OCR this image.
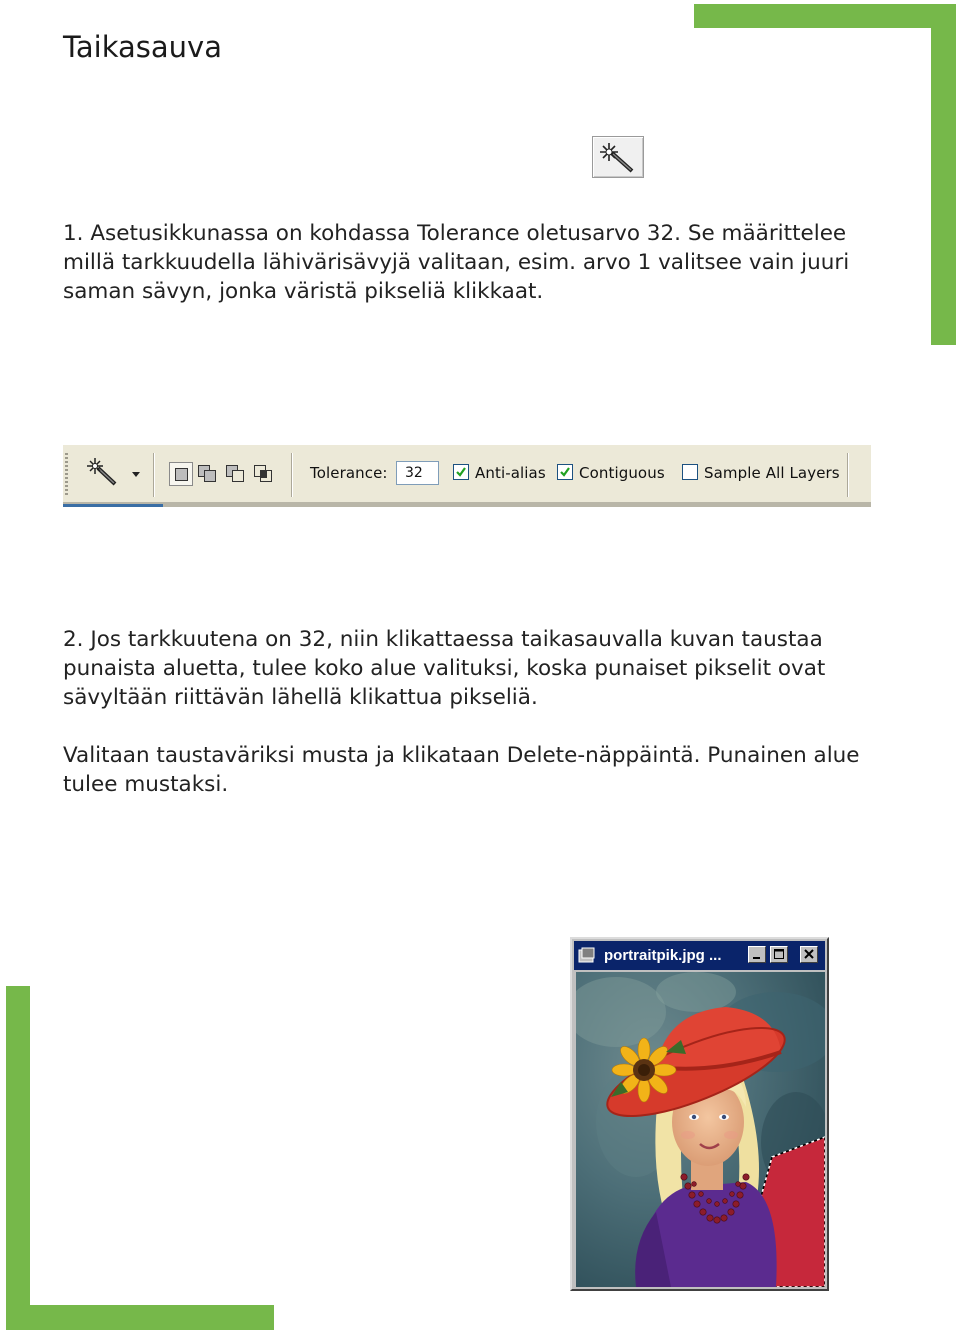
Taikasauva

1. Asetusikkunassa on kohdassa Tolerance oletusarvo 32. Se määrittelee millä tarkkuudella lähivärisävyjä valitaan, esim. arvo 1 valitsee vain juuri saman sävyn, jonka väristä pikseliä klikkaat.

Tolerance:	32	Anti-alias Contiguous	Sample All Layers

2. Jos tarkkuutena on 32, niin klikattaessa taikasauvalla kuvan taustaa punaista aluetta, tulee koko alue valituksi, koska punaiset pikselit ovat sävyltään riittävän lähellä klikattua pikseliä.

Valitaan taustaväriksi musta ja klikataan Delete-näppäintä. Punainen alue tulee mustaksi.

portraitpik.jpg ...
